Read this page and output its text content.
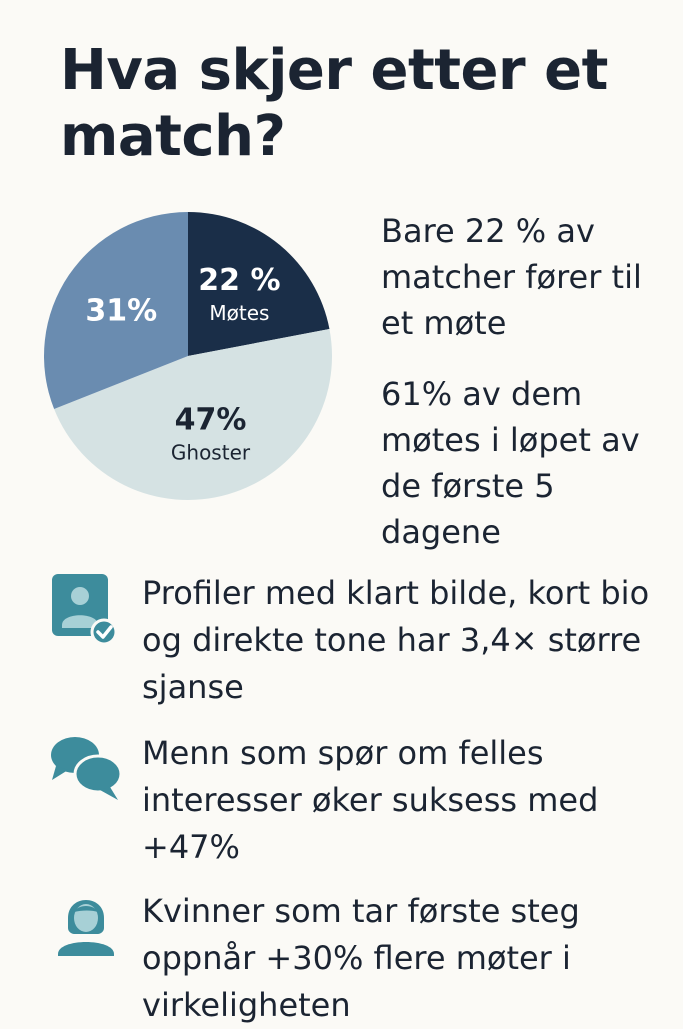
Hva skjer etter et match?
22 %
Møtes
47%
Ghoster
31%

Bare 22 % av matcher fører til et møte

61% av dem møtes i løpet av de første 5 dagene

Profiler med klart bilde, kort bio og direkte tone har 3,4× større sjanse

Menn som spør om felles interesser øker suksess med +47%

Kvinner som tar første steg oppnår +30% flere møter i virkeligheten
